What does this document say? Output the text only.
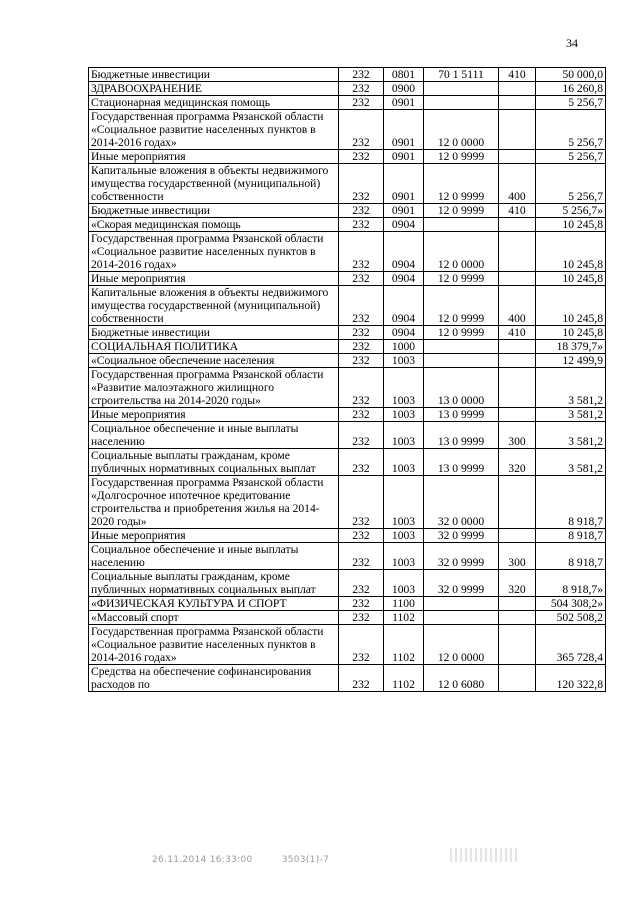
34
Бюджетные инвестиции	232	0801	70 1 5111	410	50 000,0
ЗДРАВООХРАНЕНИЕ	232	0900			16 260,8
Стационарная медицинская помощь	232	0901			5 256,7
Государственная программа Рязанской области «Социальное развитие населенных пунктов в 2014-2016 годах»	232	0901	12 0 0000		5 256,7
Иные мероприятия	232	0901	12 0 9999		5 256,7
Капитальные вложения в объекты недвижимого имущества государственной (муниципальной) собственности	232	0901	12 0 9999	400	5 256,7
Бюджетные инвестиции	232	0901	12 0 9999	410	5 256,7»
«Скорая медицинская помощь	232	0904			10 245,8
Государственная программа Рязанской области «Социальное развитие населенных пунктов в 2014-2016 годах»	232	0904	12 0 0000		10 245,8
Иные мероприятия	232	0904	12 0 9999		10 245,8
Капитальные вложения в объекты недвижимого имущества государственной (муниципальной) собственности	232	0904	12 0 9999	400	10 245,8
Бюджетные инвестиции	232	0904	12 0 9999	410	10 245,8
СОЦИАЛЬНАЯ ПОЛИТИКА	232	1000			18 379,7»
«Социальное обеспечение населения	232	1003			12 499,9
Государственная программа Рязанской области «Развитие малоэтажного жилищного строительства на 2014-2020 годы»	232	1003	13 0 0000		3 581,2
Иные мероприятия	232	1003	13 0 9999		3 581,2
Социальное обеспечение и иные выплаты населению	232	1003	13 0 9999	300	3 581,2
Социальные выплаты гражданам, кроме публичных нормативных социальных выплат	232	1003	13 0 9999	320	3 581,2
Государственная программа Рязанской области «Долгосрочное ипотечное кредитование строительства и приобретения жилья на 2014-2020 годы»	232	1003	32 0 0000		8 918,7
Иные мероприятия	232	1003	32 0 9999		8 918,7
Социальное обеспечение и иные выплаты населению	232	1003	32 0 9999	300	8 918,7
Социальные выплаты гражданам, кроме публичных нормативных социальных выплат	232	1003	32 0 9999	320	8 918,7»
«ФИЗИЧЕСКАЯ КУЛЬТУРА И СПОРТ	232	1100			504 308,2»
«Массовый спорт	232	1102			502 508,2
Государственная программа Рязанской области «Социальное развитие населенных пунктов в 2014-2016 годах»	232	1102	12 0 0000		365 728,4
Средства на обеспечение софинансирования расходов по	232	1102	12 0 6080		120 322,8
26.11.2014 16:33:00	3503(1)-7
